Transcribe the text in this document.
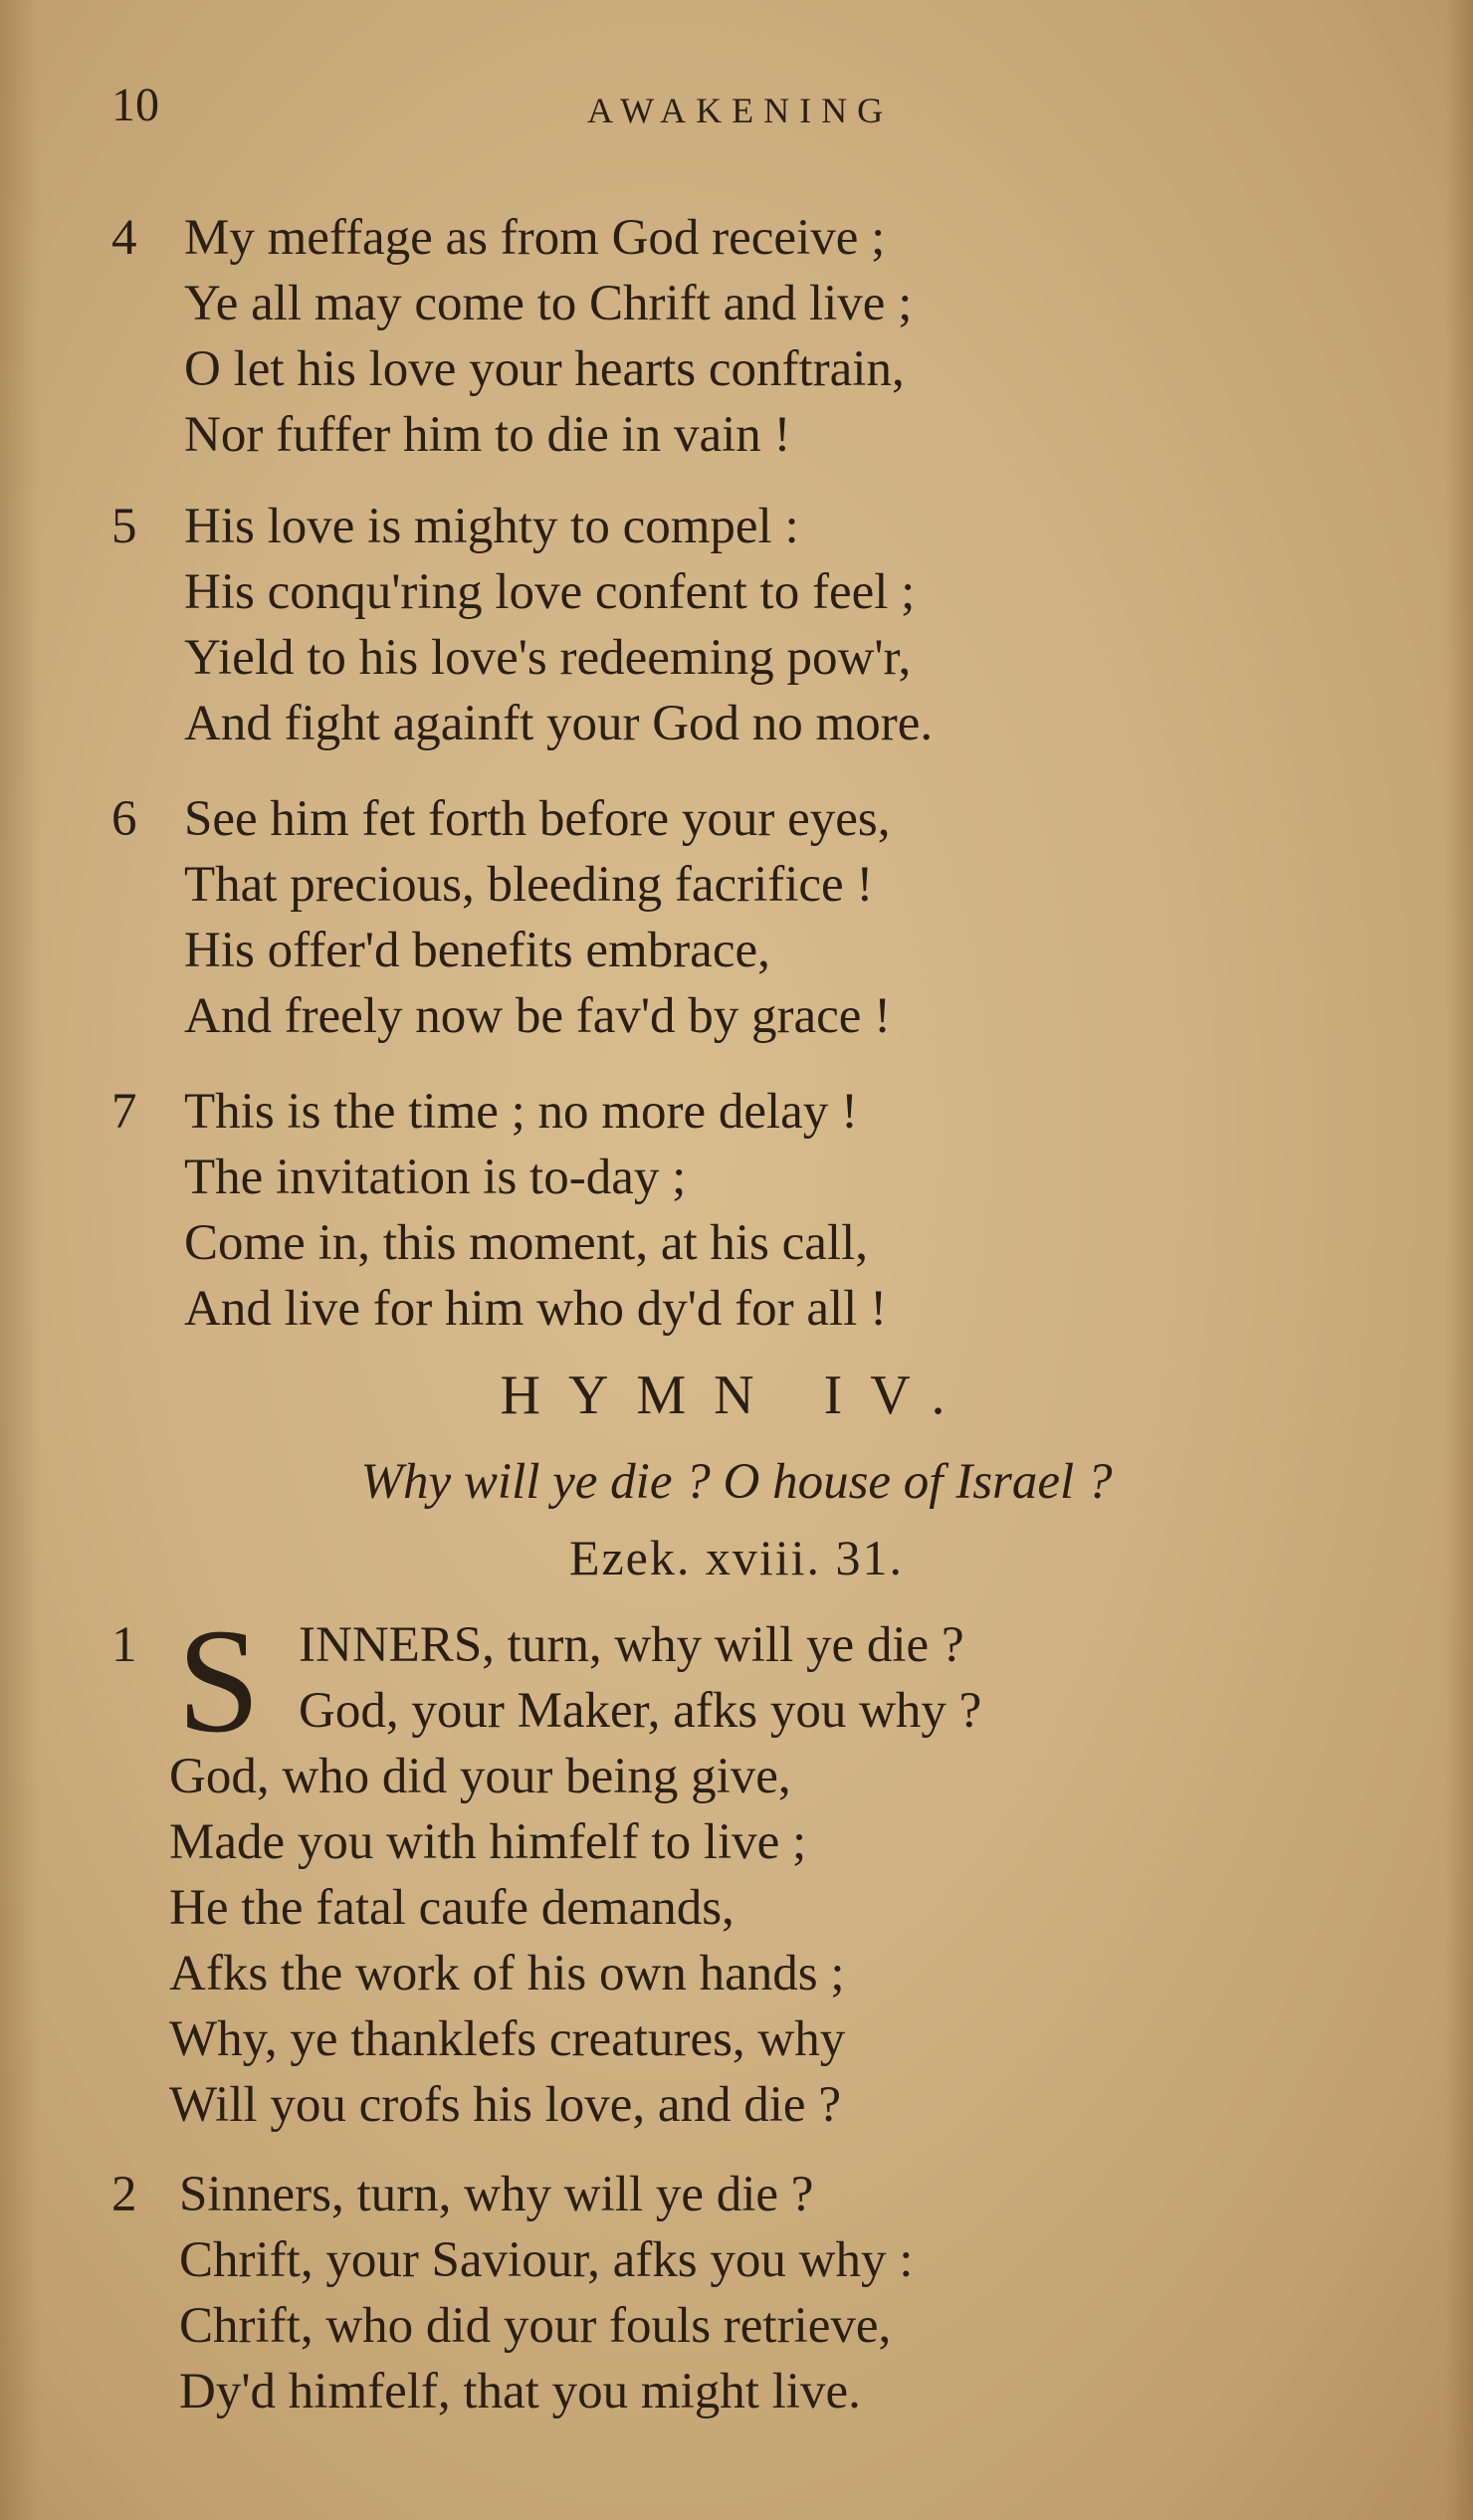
10	AWAKENING
4 My meffage as from God receive ;
Ye all may come to Chrift and live ;
O let his love your hearts conftrain,
Nor fuffer him to die in vain !
5 His love is mighty to compel :
His conqu'ring love confent to feel ;
Yield to his love's redeeming pow'r,
And fight againft your God no more.
6 See him fet forth before your eyes,
That precious, bleeding facrifice !
His offer'd benefits embrace,
And freely now be fav'd by grace !
7 This is the time ; no more delay !
The invitation is to-day ;
Come in, this moment, at his call,
And live for him who dy'd for all !
HYMN IV.
Why will ye die ? O house of Israel ?
Ezek. xviii. 31.
1 S INNERS, turn, why will ye die ?
God, your Maker, afks you why ?
God, who did your being give,
Made you with himfelf to live ;
He the fatal caufe demands,
Afks the work of his own hands ;
Why, ye thanklefs creatures, why
Will you crofs his love, and die ?
2 Sinners, turn, why will ye die ?
Chrift, your Saviour, afks you why :
Chrift, who did your fouls retrieve,
Dy'd himfelf, that you might live.
